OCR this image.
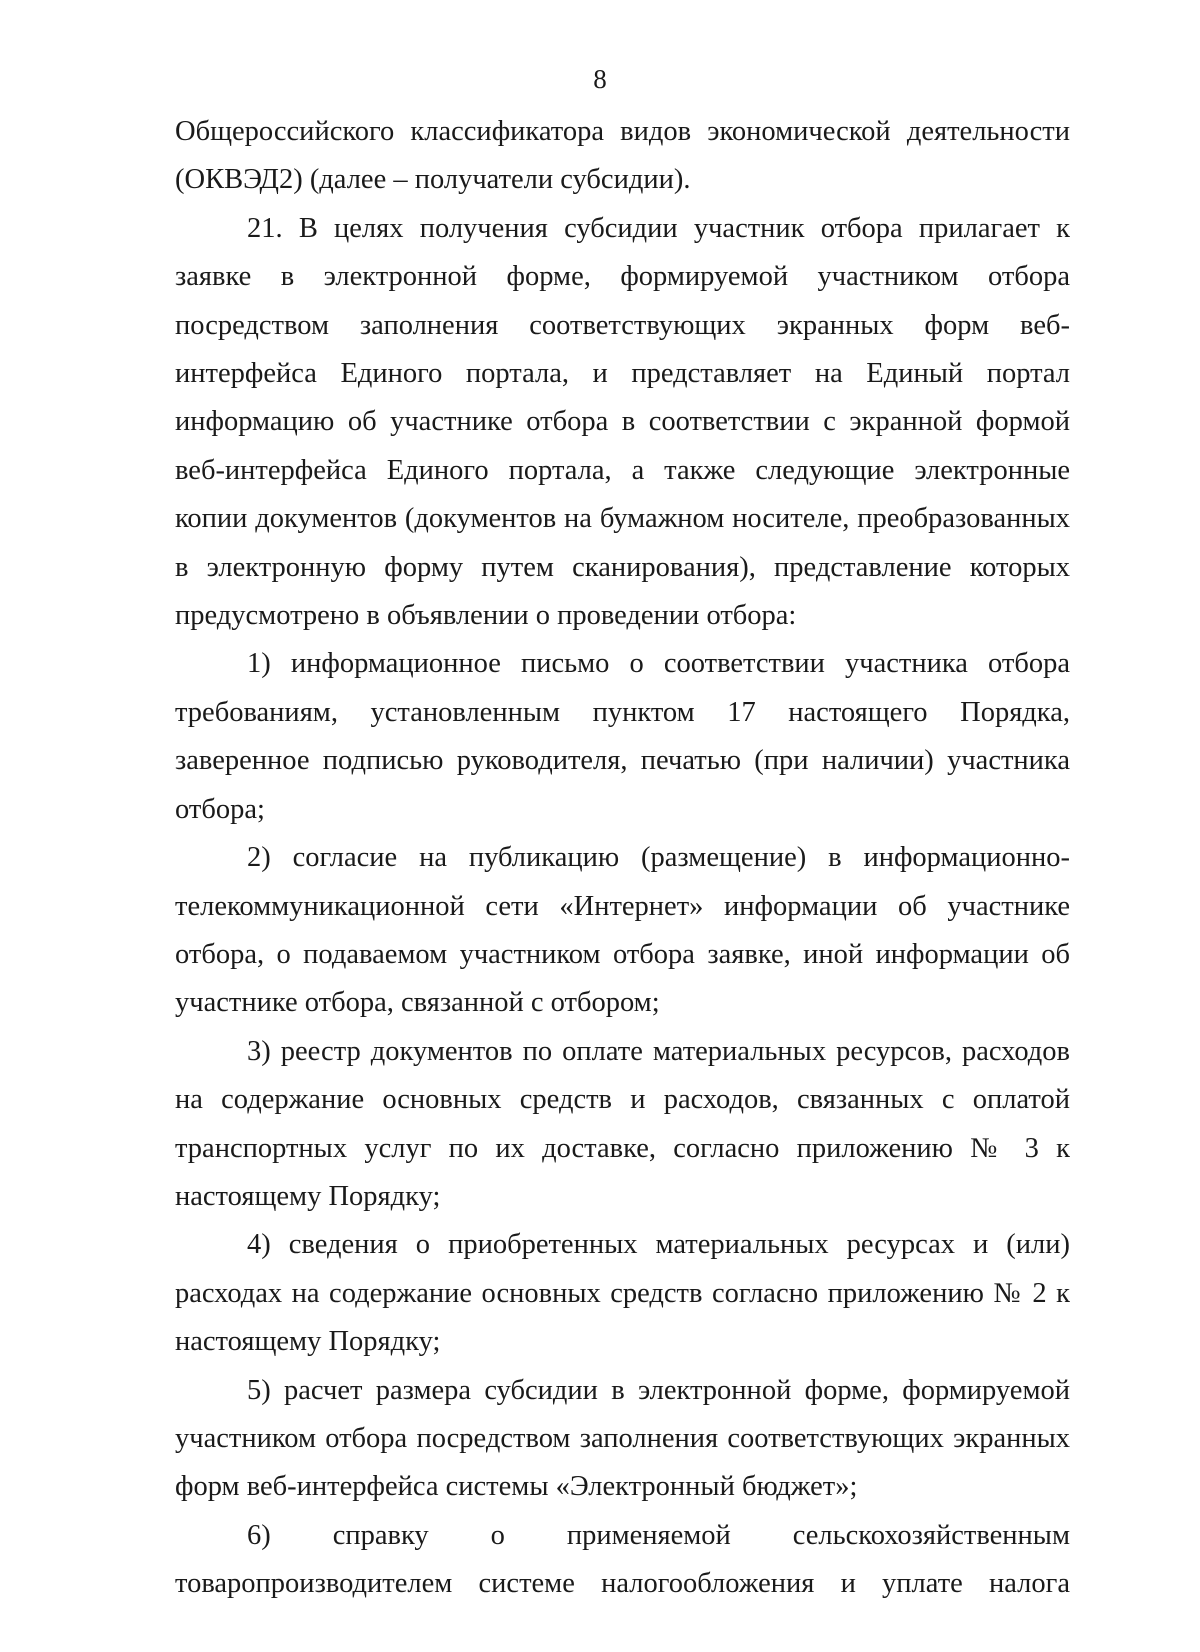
8

Общероссийского классификатора видов экономической деятельности (ОКВЭД2) (далее – получатели субсидии).

21. В целях получения субсидии участник отбора прилагает к заявке в электронной форме, формируемой участником отбора посредством заполнения соответствующих экранных форм веб-интерфейса Единого портала, и представляет на Единый портал информацию об участнике отбора в соответствии с экранной формой веб-интерфейса Единого портала, а также следующие электронные копии документов (документов на бумажном носителе, преобразованных в электронную форму путем сканирования), представление которых предусмотрено в объявлении о проведении отбора:

1) информационное письмо о соответствии участника отбора требованиям, установленным пунктом 17 настоящего Порядка, заверенное подписью руководителя, печатью (при наличии) участника отбора;

2) согласие на публикацию (размещение) в информационно-телекоммуникационной сети «Интернет» информации об участнике отбора, о подаваемом участником отбора заявке, иной информации об участнике отбора, связанной с отбором;

3) реестр документов по оплате материальных ресурсов, расходов на содержание основных средств и расходов, связанных с оплатой транспортных услуг по их доставке, согласно приложению № 3 к настоящему Порядку;

4) сведения о приобретенных материальных ресурсах и (или) расходах на содержание основных средств согласно приложению № 2 к настоящему Порядку;

5) расчет размера субсидии в электронной форме, формируемой участником отбора посредством заполнения соответствующих экранных форм веб-интерфейса системы «Электронный бюджет»;

6) справку о применяемой сельскохозяйственным товаропроизводителем системе налогообложения и уплате налога
